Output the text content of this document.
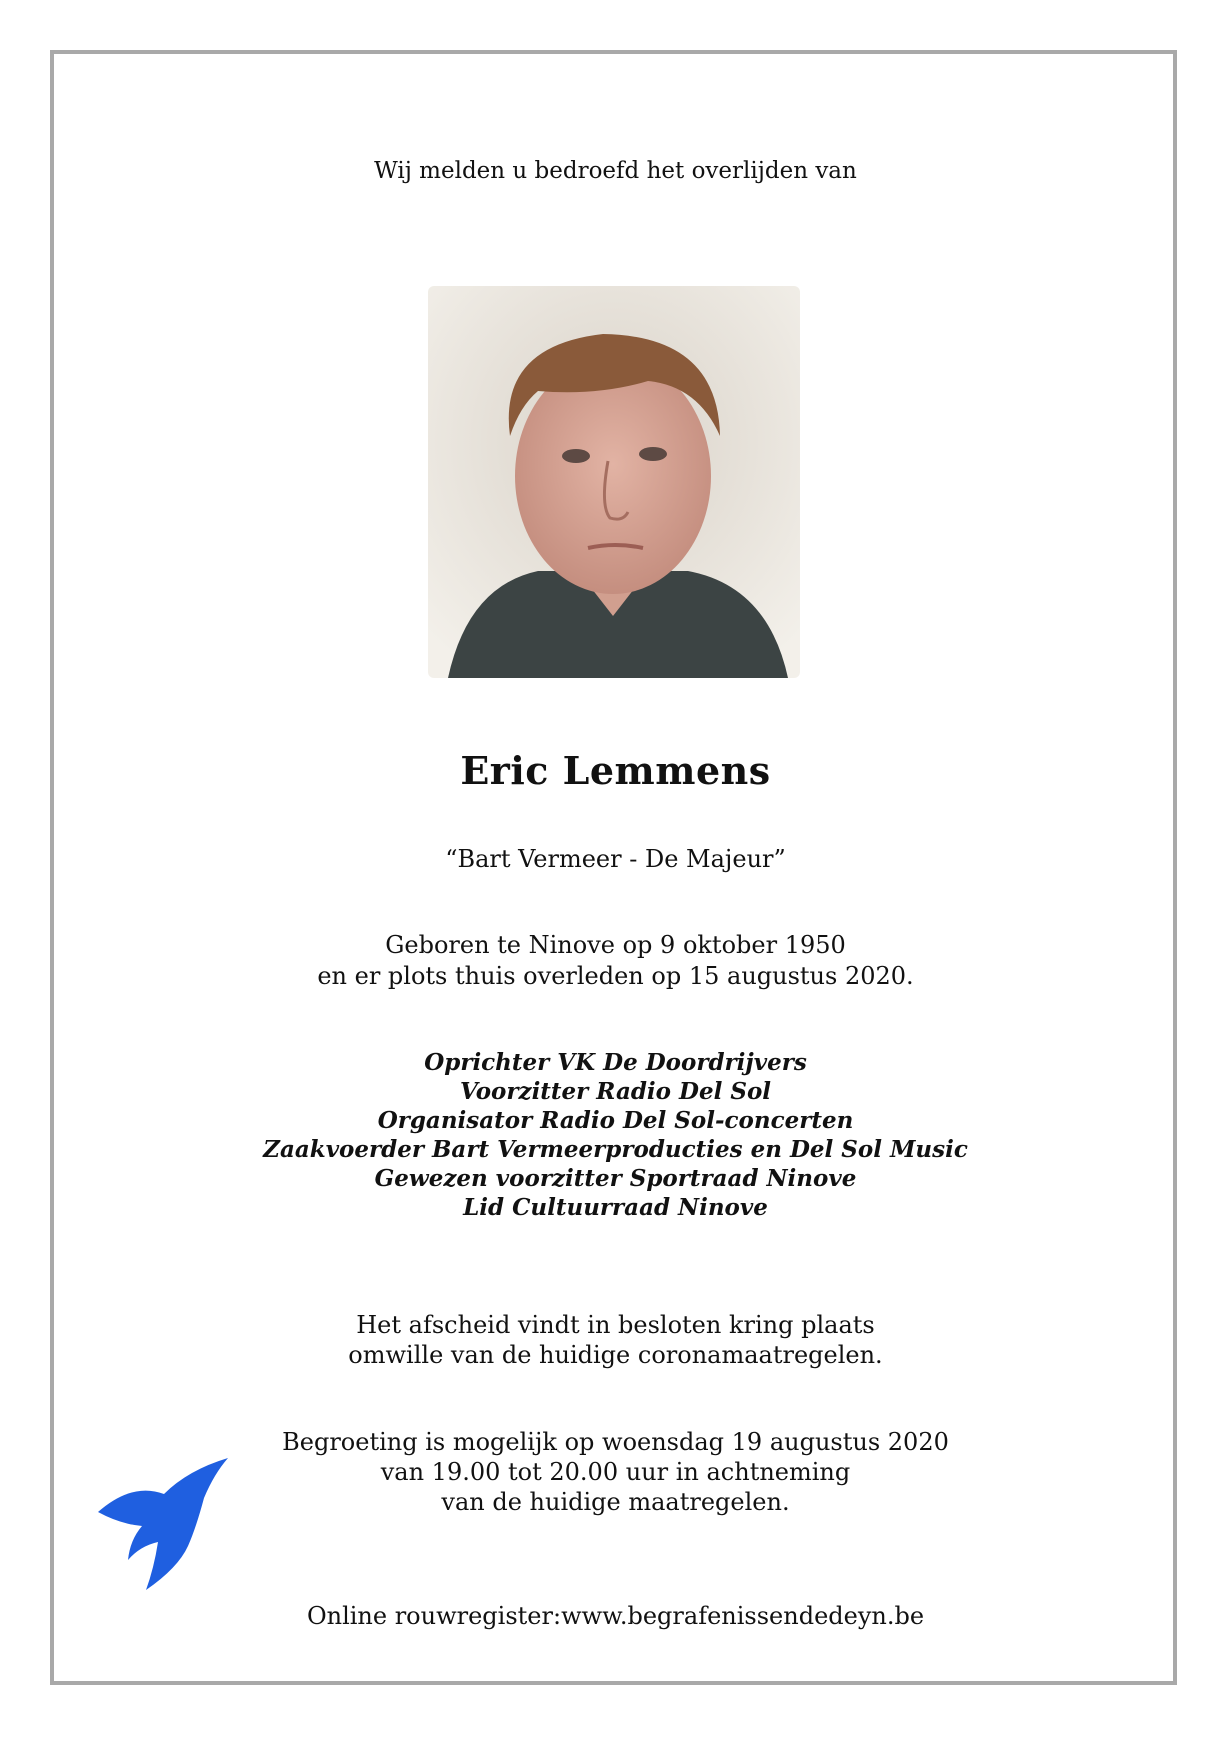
Wij melden u bedroefd het overlijden van

Eric Lemmens

“Bart Vermeer - De Majeur”

Geboren te Ninove op 9 oktober 1950
en er plots thuis overleden op 15 augustus 2020.

Oprichter VK De Doordrijvers
Voorzitter Radio Del Sol
Organisator Radio Del Sol-concerten
Zaakvoerder Bart Vermeerproducties en Del Sol Music
Gewezen voorzitter Sportraad Ninove
Lid Cultuurraad Ninove

Het afscheid vindt in besloten kring plaats
omwille van de huidige coronamaatregelen.

Begroeting is mogelijk op woensdag 19 augustus 2020
van 19.00 tot 20.00 uur in achtneming
van de huidige maatregelen.

Online rouwregister:www.begrafenissendedeyn.be
